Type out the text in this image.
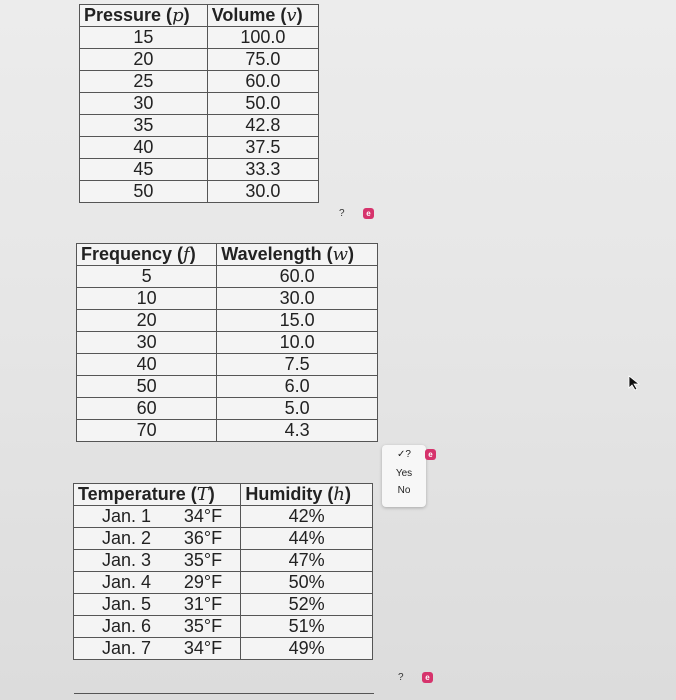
Pressure (p)	Volume (v)
15	100.0
20	75.0
25	60.0
30	50.0
35	42.8
40	37.5
45	33.3
50	30.0
?	e
Frequency (f)	Wavelength (w)
5	60.0
10	30.0
20	15.0
30	10.0
40	7.5
50	6.0
60	5.0
70	4.3
✓?
Yes
No
e
Temperature (T)		Humidity (h)
Jan. 1	34°F	42%
Jan. 2	36°F	44%
Jan. 3	35°F	47%
Jan. 4	29°F	50%
Jan. 5	31°F	52%
Jan. 6	35°F	51%
Jan. 7	34°F	49%
?	e
